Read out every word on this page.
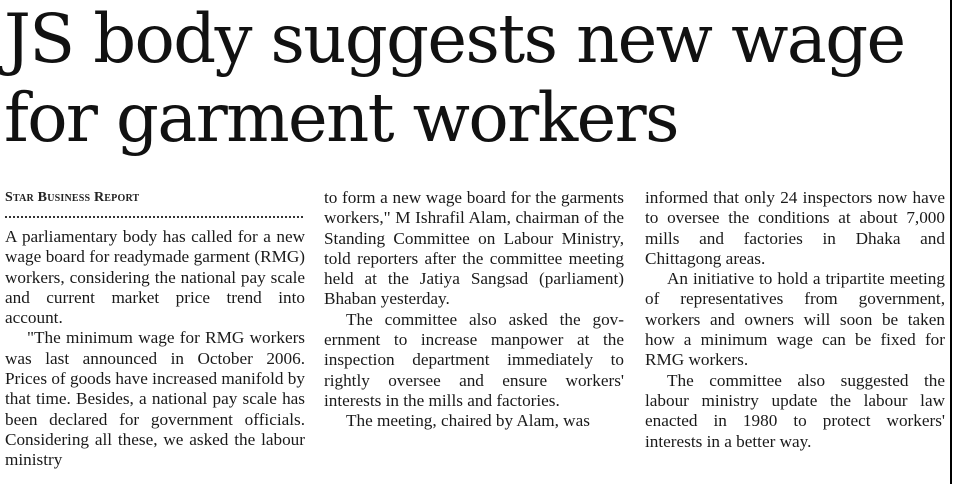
JS body suggests new wage
for garment workers

Star Business Report

A parliamentary body has called for a new wage board for readymade garment (RMG) workers, considering the national pay scale and current market price trend into account.

"The minimum wage for RMG workers was last announced in October 2006. Prices of goods have increased manifold by that time. Besides, a national pay scale has been declared for government officials. Considering all these, we asked the labour ministry

to form a new wage board for the garments workers," M Ishrafil Alam, chairman of the Standing Committee on Labour Ministry, told reporters after the committee meeting held at the Jatiya Sangsad (parliament) Bhaban yesterday.

The committee also asked the government to increase manpower at the inspection department immediately to rightly oversee and ensure workers' interests in the mills and factories.

The meeting, chaired by Alam, was

informed that only 24 inspectors now have to oversee the conditions at about 7,000 mills and factories in Dhaka and Chittagong areas.

An initiative to hold a tripartite meeting of representatives from government, workers and owners will soon be taken how a minimum wage can be fixed for RMG workers.

The committee also suggested the labour ministry update the labour law enacted in 1980 to protect workers' interests in a better way.
